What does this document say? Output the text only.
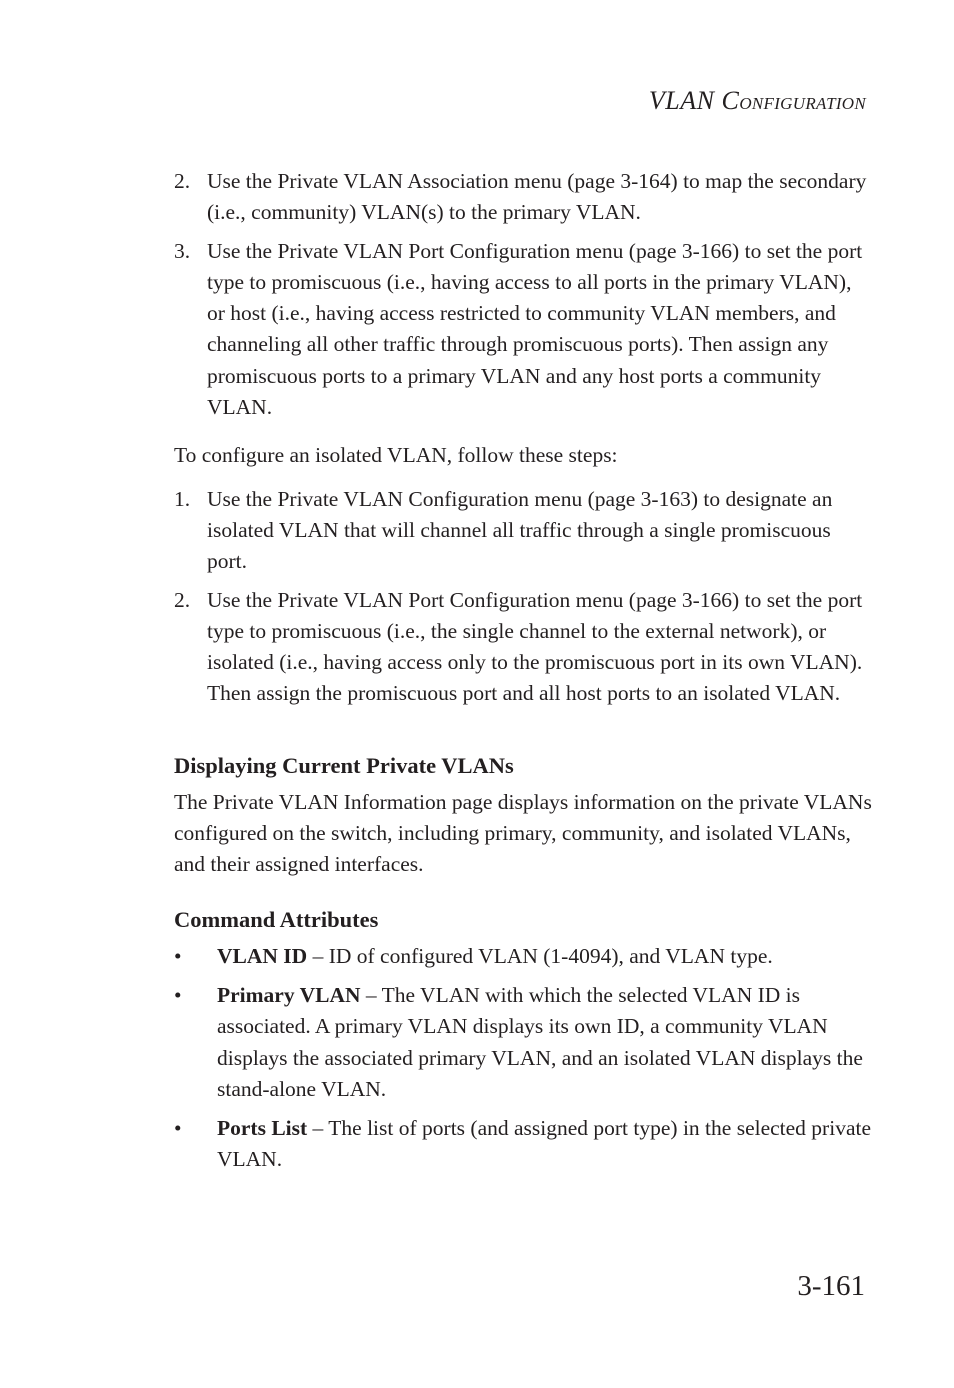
VLAN CONFIGURATION
2. Use the Private VLAN Association menu (page 3-164) to map the secondary (i.e., community) VLAN(s) to the primary VLAN.
3. Use the Private VLAN Port Configuration menu (page 3-166) to set the port type to promiscuous (i.e., having access to all ports in the primary VLAN), or host (i.e., having access restricted to community VLAN members, and channeling all other traffic through promiscuous ports). Then assign any promiscuous ports to a primary VLAN and any host ports a community VLAN.

To configure an isolated VLAN, follow these steps:

1. Use the Private VLAN Configuration menu (page 3-163) to designate an isolated VLAN that will channel all traffic through a single promiscuous port.
2. Use the Private VLAN Port Configuration menu (page 3-166) to set the port type to promiscuous (i.e., the single channel to the external network), or isolated (i.e., having access only to the promiscuous port in its own VLAN). Then assign the promiscuous port and all host ports to an isolated VLAN.
Displaying Current Private VLANs

The Private VLAN Information page displays information on the private VLANs configured on the switch, including primary, community, and isolated VLANs, and their assigned interfaces.

Command Attributes
• VLAN ID – ID of configured VLAN (1-4094), and VLAN type.
• Primary VLAN – The VLAN with which the selected VLAN ID is associated. A primary VLAN displays its own ID, a community VLAN displays the associated primary VLAN, and an isolated VLAN displays the stand-alone VLAN.
• Ports List – The list of ports (and assigned port type) in the selected private VLAN.
3-161
